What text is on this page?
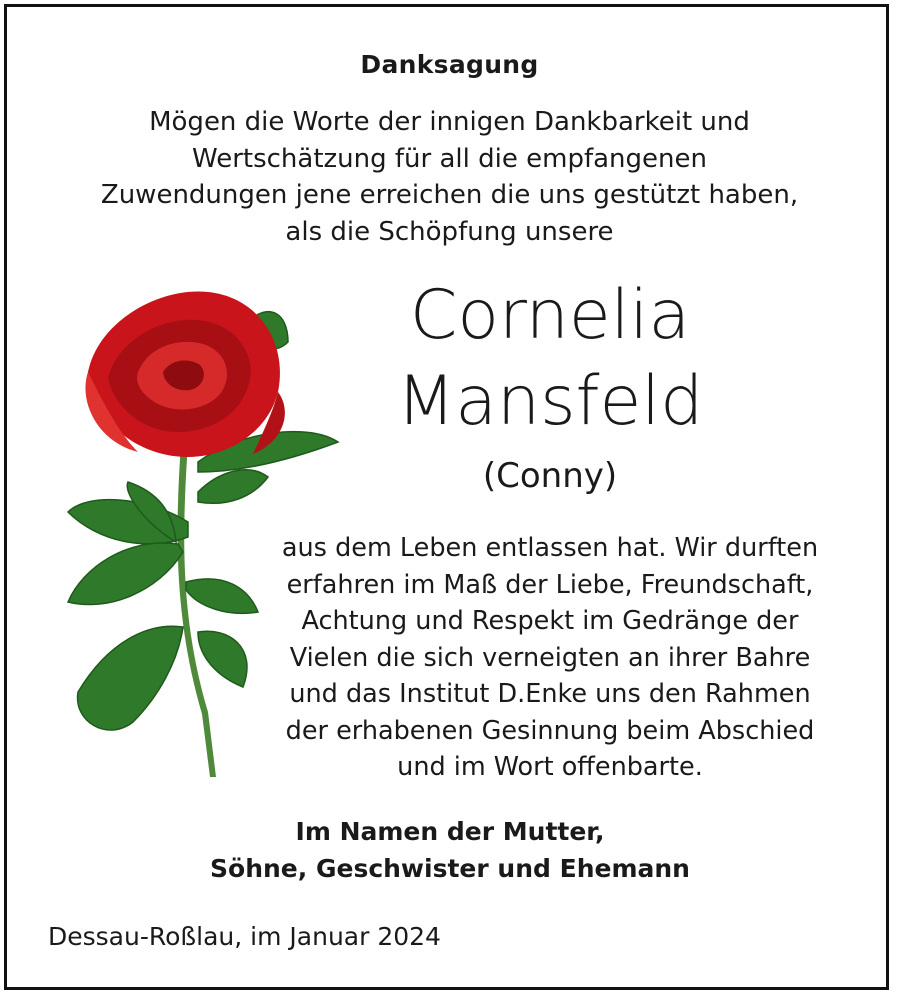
Danksagung
Mögen die Worte der innigen Dankbarkeit und
Wertschätzung für all die empfangenen
Zuwendungen jene erreichen die uns gestützt haben,
als die Schöpfung unsere
Cornelia
Mansfeld
(Conny)
aus dem Leben entlassen hat. Wir durften
erfahren im Maß der Liebe, Freundschaft,
Achtung und Respekt im Gedränge der
Vielen die sich verneigten an ihrer Bahre
und das Institut D.Enke uns den Rahmen
der erhabenen Gesinnung beim Abschied
und im Wort offenbarte.
Im Namen der Mutter,
Söhne, Geschwister und Ehemann
Dessau-Roßlau, im Januar 2024
